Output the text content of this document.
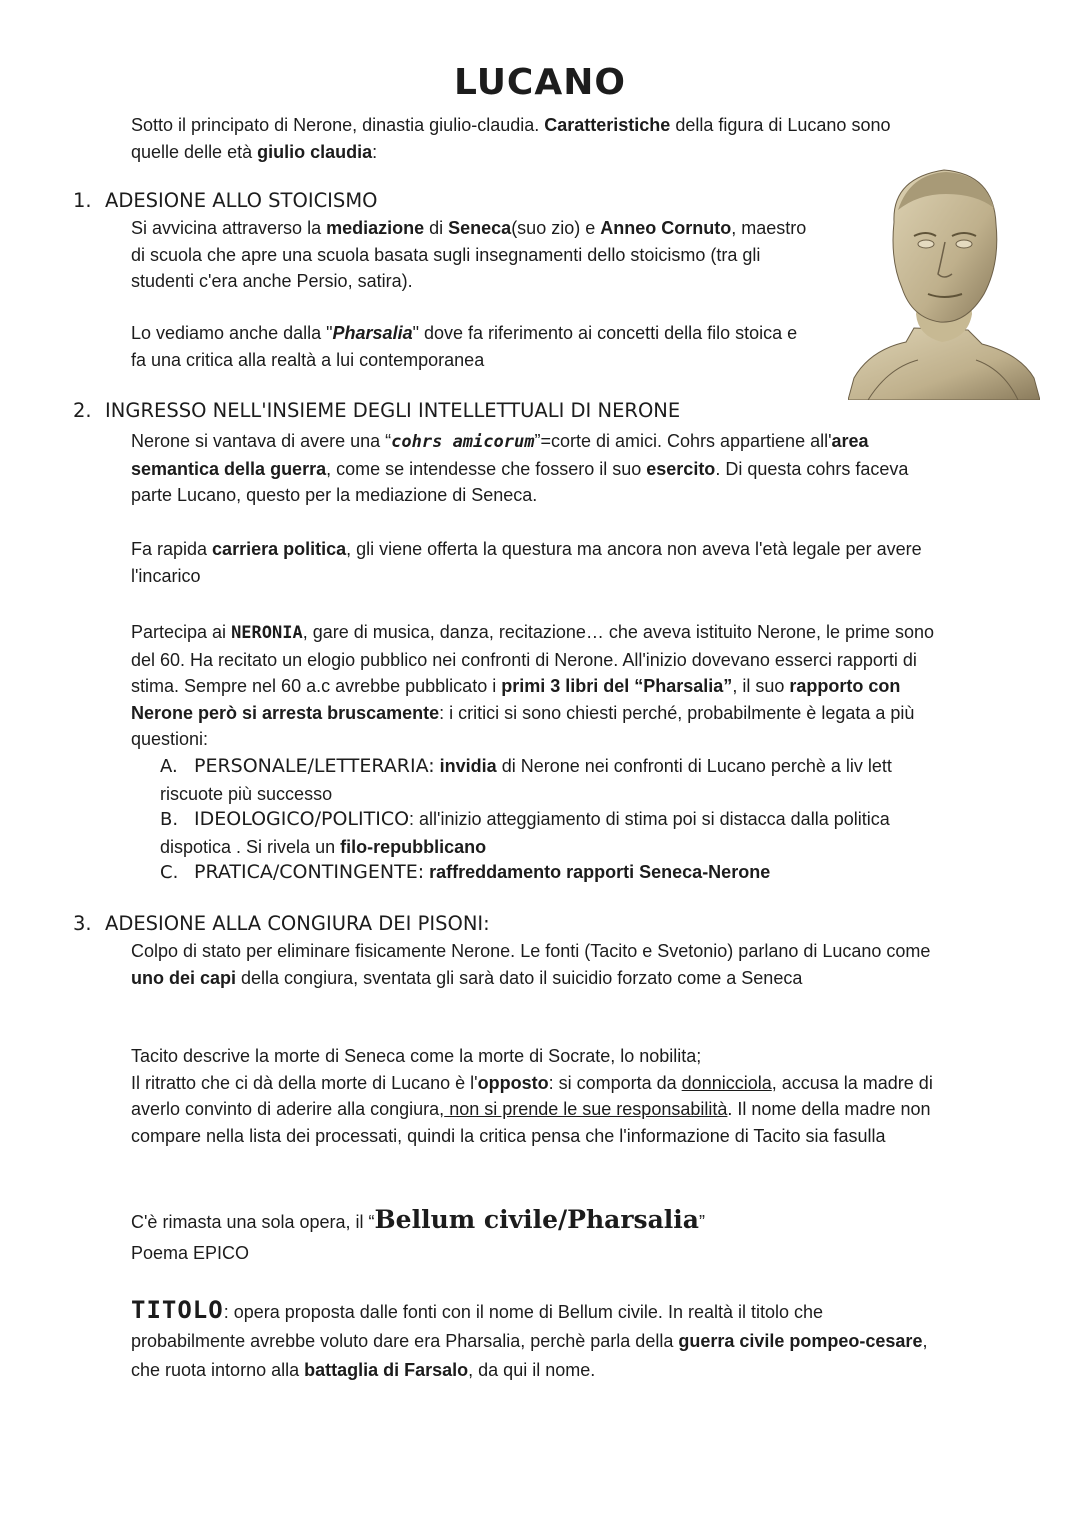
LUCANO

Sotto il principato di Nerone, dinastia giulio-claudia. Caratteristiche della figura di Lucano sono quelle delle età giulio claudia:

1. ADESIONE ALLO STOICISMO

Si avvicina attraverso la mediazione di Seneca(suo zio) e Anneo Cornuto, maestro di scuola che apre una scuola basata sugli insegnamenti dello stoicismo (tra gli studenti c'era anche Persio, satira).

Lo vediamo anche dalla "Pharsalia" dove fa riferimento ai concetti della filo stoica e fa una critica alla realtà a lui contemporanea

2. INGRESSO NELL'INSIEME DEGLI INTELLETTUALI DI NERONE

Nerone si vantava di avere una “cohrs amicorum”=corte di amici. Cohrs appartiene all'area semantica della guerra, come se intendesse che fossero il suo esercito. Di questa cohrs faceva parte Lucano, questo per la mediazione di Seneca.

Fa rapida carriera politica, gli viene offerta la questura ma ancora non aveva l'età legale per avere l'incarico

Partecipa ai NERONIA, gare di musica, danza, recitazione… che aveva istituito Nerone, le prime sono del 60. Ha recitato un elogio pubblico nei confronti di Nerone. All'inizio dovevano esserci rapporti di stima. Sempre nel 60 a.c avrebbe pubblicato i primi 3 libri del “Pharsalia”, il suo rapporto con Nerone però si arresta bruscamente: i critici si sono chiesti perché, probabilmente è legata a più questioni:

A. PERSONALE/LETTERARIA: invidia di Nerone nei confronti di Lucano perchè a liv lett riscuote più successo

B. IDEOLOGICO/POLITICO: all'inizio atteggiamento di stima poi si distacca dalla politica dispotica . Si rivela un filo-repubblicano

C. PRATICA/CONTINGENTE: raffreddamento rapporti Seneca-Nerone

3. ADESIONE ALLA CONGIURA DEI PISONI:

Colpo di stato per eliminare fisicamente Nerone. Le fonti (Tacito e Svetonio) parlano di Lucano come uno dei capi della congiura, sventata gli sarà dato il suicidio forzato come a Seneca

Tacito descrive la morte di Seneca come la morte di Socrate, lo nobilita;
Il ritratto che ci dà della morte di Lucano è l'opposto: si comporta da donnicciola, accusa la madre di averlo convinto di aderire alla congiura, non si prende le sue responsabilità. Il nome della madre non compare nella lista dei processati, quindi la critica pensa che l'informazione di Tacito sia fasulla

C'è rimasta una sola opera, il “Bellum civile/Pharsalia”

Poema EPICO

TITOLO: opera proposta dalle fonti con il nome di Bellum civile. In realtà il titolo che probabilmente avrebbe voluto dare era Pharsalia, perchè parla della guerra civile pompeo-cesare, che ruota intorno alla battaglia di Farsalo, da qui il nome.
